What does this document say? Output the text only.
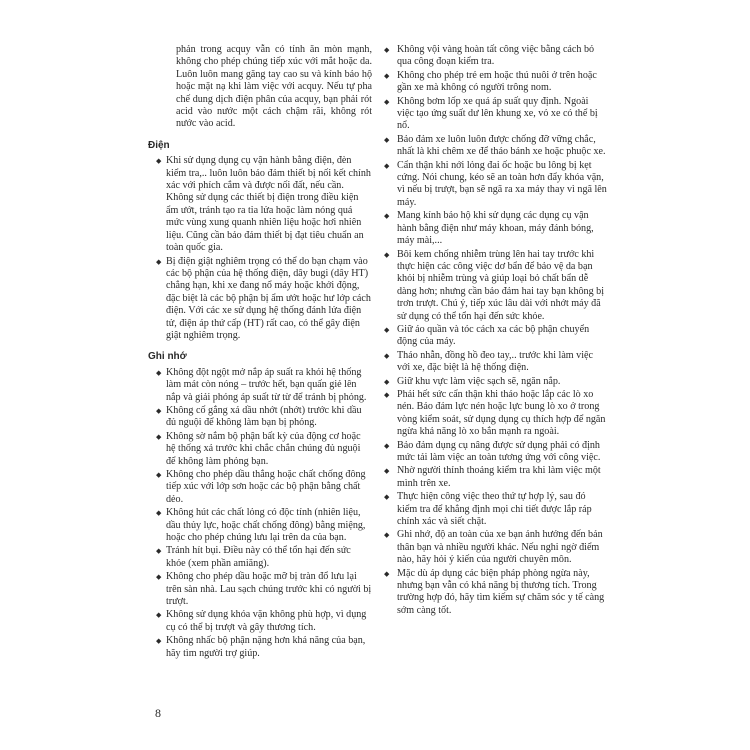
phản trong acquy vẫn có tính ăn mòn mạnh, không cho phép chúng tiếp xúc với mắt hoặc da. Luôn luôn mang găng tay cao su và kính bảo hộ hoặc mặt nạ khi làm việc với acquy. Nếu tự pha chế dung dịch điện phân của acquy, bạn phải rót acid vào nước một cách chậm rãi, không rót nước vào acid.

Điện
◆ Khi sử dụng dụng cụ vận hành bằng điện, đèn kiểm tra,.. luôn luôn bảo đảm thiết bị nối kết chính xác với phích cắm và được nối đất, nếu cần. Không sử dụng các thiết bị điện trong điều kiện ẩm ướt, tránh tạo ra tia lửa hoặc làm nóng quá mức vùng xung quanh nhiên liệu hoặc hơi nhiên liệu. Cũng cần bảo đảm thiết bị đạt tiêu chuẩn an toàn quốc gia.
◆ Bị điện giật nghiêm trọng có thể do bạn chạm vào các bộ phận của hệ thống điện, dây bugi (dây HT) chẳng hạn, khi xe đang nổ máy hoặc khởi động, đặc biệt là các bộ phận bị ẩm ướt hoặc hư lớp cách điện. Với các xe sử dụng hệ thống đánh lửa điện tử, điện áp thứ cấp (HT) rất cao, có thể gây điện giật nghiêm trọng.
Ghi nhớ
◆ Không đột ngột mở nắp áp suất ra khỏi hệ thống làm mát còn nóng – trước hết, bạn quấn giẻ lên nắp và giải phóng áp suất từ từ để tránh bị phỏng.
◆ Không cố gắng xả dầu nhớt (nhớt) trước khi dầu đủ nguội để không làm bạn bị phỏng.
◆ Không sờ nắm bộ phận bất kỳ của động cơ hoặc hệ thống xả trước khi chắc chắn chúng đủ nguội để không làm phỏng bạn.
◆ Không cho phép dầu thắng hoặc chất chống đông tiếp xúc với lớp sơn hoặc các bộ phận bằng chất dẻo.
◆ Không hút các chất lỏng có độc tính (nhiên liệu, dầu thủy lực, hoặc chất chống đông) bằng miệng, hoặc cho phép chúng lưu lại trên da của bạn.
◆ Tránh hít bụi. Điều này có thể tổn hại đến sức khỏe (xem phần amiăng).
◆ Không cho phép dầu hoặc mỡ bị tràn đổ lưu lại trên sàn nhà. Lau sạch chúng trước khi có người bị trượt.
◆ Không sử dụng khóa vặn không phù hợp, vì dụng cụ có thể bị trượt và gây thương tích.
◆ Không nhấc bộ phận nặng hơn khả năng của bạn, hãy tìm người trợ giúp.
◆ Không vội vàng hoàn tất công việc bằng cách bỏ qua công đoạn kiểm tra.
◆ Không cho phép trẻ em hoặc thú nuôi ở trên hoặc gần xe mà không có người trông nom.
◆ Không bơm lốp xe quá áp suất quy định. Ngoài việc tạo ứng suất dư lên khung xe, vỏ xe có thể bị nổ.
◆ Bảo đảm xe luôn luôn được chống đỡ vững chắc, nhất là khi chêm xe để tháo bánh xe hoặc phuộc xe.
◆ Cẩn thận khi nới lỏng đai ốc hoặc bu lông bị kẹt cứng. Nói chung, kéo sẽ an toàn hơn đẩy khóa vặn, vì nếu bị trượt, bạn sẽ ngã ra xa máy thay vì ngã lên máy.
◆ Mang kính bảo hộ khi sử dụng các dụng cụ vận hành bằng điện như máy khoan, máy đánh bóng, máy mài,...
◆ Bôi kem chống nhiễm trùng lên hai tay trước khi thực hiện các công việc dơ bẩn để bảo vệ da bạn khỏi bị nhiễm trùng và giúp loại bỏ chất bẩn dễ dàng hơn; nhưng cần bảo đảm hai tay bạn không bị trơn trượt. Chú ý, tiếp xúc lâu dài với nhớt máy đã sử dụng có thể tổn hại đến sức khỏe.
◆ Giữ áo quần và tóc cách xa các bộ phận chuyển động của máy.
◆ Tháo nhẫn, đồng hồ đeo tay,.. trước khi làm việc với xe, đặc biệt là hệ thống điện.
◆ Giữ khu vực làm việc sạch sẽ, ngăn nắp.
◆ Phải hết sức cẩn thận khi tháo hoặc lắp các lò xo nén. Bảo đảm lực nén hoặc lực bung lò xo ở trong vòng kiểm soát, sử dụng dụng cụ thích hợp để ngăn ngừa khả năng lò xo bắn mạnh ra ngoài.
◆ Bảo đảm dụng cụ nâng được sử dụng phải có định mức tải làm việc an toàn tương ứng với công việc.
◆ Nhờ người thỉnh thoảng kiểm tra khi làm việc một mình trên xe.
◆ Thực hiện công việc theo thứ tự hợp lý, sau đó kiểm tra để khẳng định mọi chi tiết được lắp ráp chính xác và siết chặt.
◆ Ghi nhớ, độ an toàn của xe bạn ảnh hưởng đến bản thân bạn và nhiều người khác. Nếu nghi ngờ điểm nào, hãy hỏi ý kiến của người chuyên môn.
◆ Mặc dù áp dụng các biện pháp phòng ngừa này, nhưng bạn vẫn có khả năng bị thương tích. Trong trường hợp đó, hãy tìm kiếm sự chăm sóc y tế càng sớm càng tốt.
8
